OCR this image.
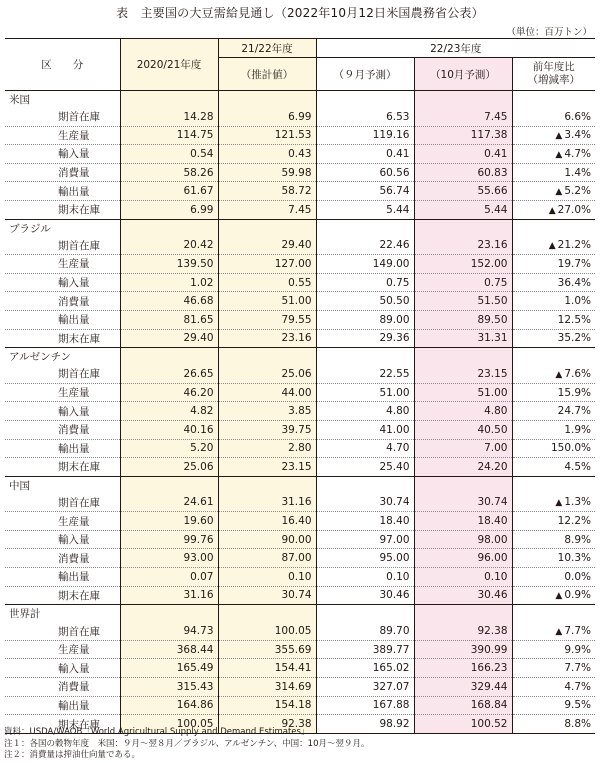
表　主要国の大豆需給見通し（2022年10月12日米国農務省公表）
（単位：百万トン）
区　　分	2020/21年度	21/22年度	22/23年度		
		（推計値）	（９月予測）	（10月予測）	前年度比
（増減率）
米国					
期首在庫	14.28	6.99	6.53	7.45	6.6%
生産量	114.75	121.53	119.16	117.38	▲ 3.4%
輸入量	0.54	0.43	0.41	0.41	▲ 4.7%
消費量	58.26	59.98	60.56	60.83	1.4%
輸出量	61.67	58.72	56.74	55.66	▲ 5.2%
期末在庫	6.99	7.45	5.44	5.44	▲ 27.0%
ブラジル					
期首在庫	20.42	29.40	22.46	23.16	▲ 21.2%
生産量	139.50	127.00	149.00	152.00	19.7%
輸入量	1.02	0.55	0.75	0.75	36.4%
消費量	46.68	51.00	50.50	51.50	1.0%
輸出量	81.65	79.55	89.00	89.50	12.5%
期末在庫	29.40	23.16	29.36	31.31	35.2%
アルゼンチン					
期首在庫	26.65	25.06	22.55	23.15	▲ 7.6%
生産量	46.20	44.00	51.00	51.00	15.9%
輸入量	4.82	3.85	4.80	4.80	24.7%
消費量	40.16	39.75	41.00	40.50	1.9%
輸出量	5.20	2.80	4.70	7.00	150.0%
期末在庫	25.06	23.15	25.40	24.20	4.5%
中国					
期首在庫	24.61	31.16	30.74	30.74	▲ 1.3%
生産量	19.60	16.40	18.40	18.40	12.2%
輸入量	99.76	90.00	97.00	98.00	8.9%
消費量	93.00	87.00	95.00	96.00	10.3%
輸出量	0.07	0.10	0.10	0.10	0.0%
期末在庫	31.16	30.74	30.46	30.46	▲ 0.9%
世界計					
期首在庫	94.73	100.05	89.70	92.38	▲ 7.7%
生産量	368.44	355.69	389.77	390.99	9.9%
輸入量	165.49	154.41	165.02	166.23	7.7%
消費量	315.43	314.69	327.07	329.44	4.7%
輸出量	164.86	154.18	167.88	168.84	9.5%
期末在庫	100.05	92.38	98.92	100.52	8.8%
資料：USDA/WAOB「World Agricultural Supply and Demand Estimates」
注１：各国の穀物年度　米国：９月～翌８月／ブラジル、アルゼンチン、中国：10月～翌９月。
注２：消費量は搾油仕向量である。
